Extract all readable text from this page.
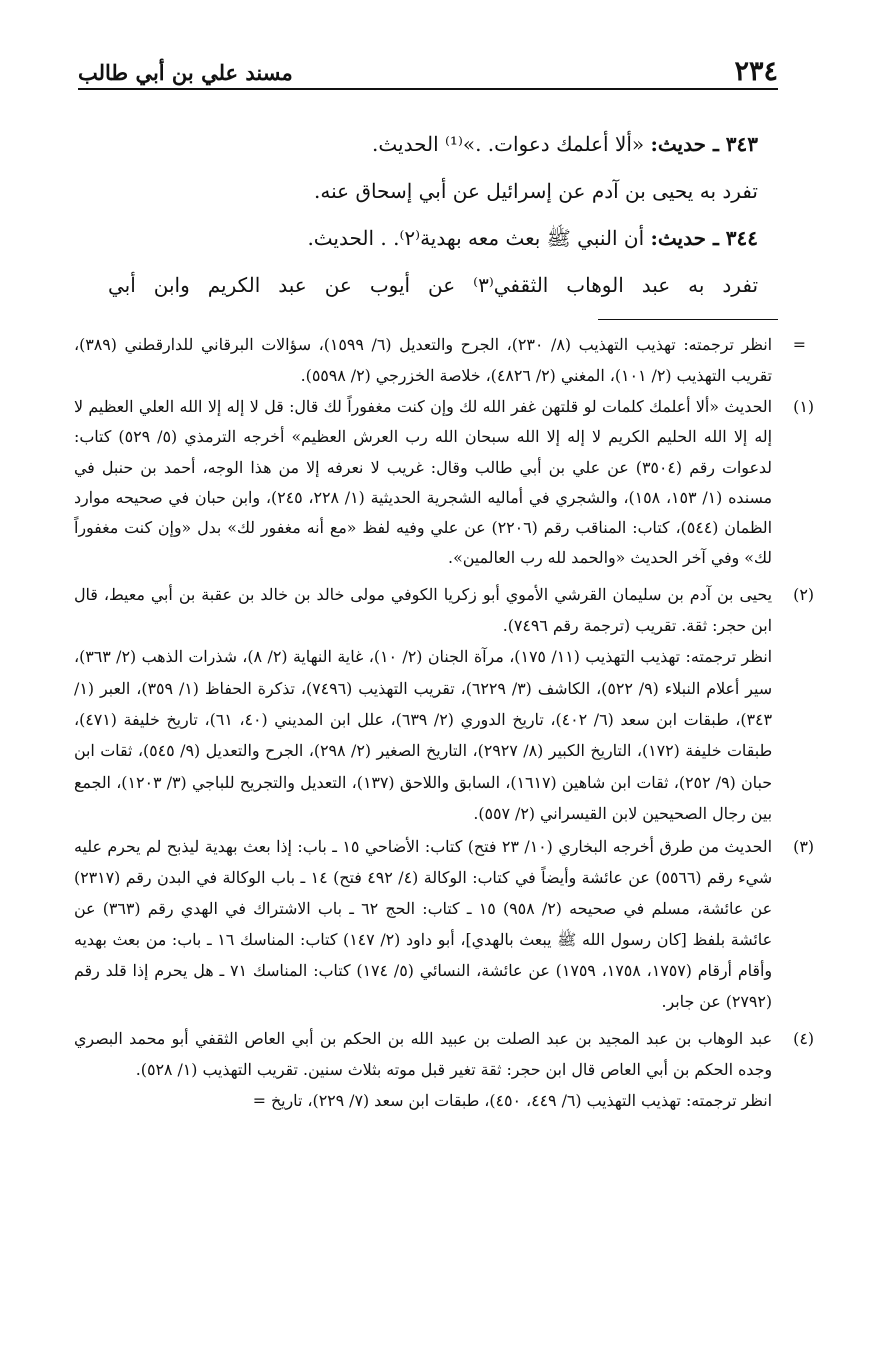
٢٣٤
مسند علي بن أبي طالب
٣٤٣ ـ حديث: «ألا أعلمك دعوات. .»⁽¹⁾ الحديث.
تفرد به يحيى بن آدم عن إسرائيل عن أبي إسحاق عنه.
٣٤٤ ـ حديث: أن النبي ﷺ بعث معه بهدية⁽٢⁾. . الحديث.
تفرد به عبد الوهاب الثقفي⁽٣⁾ عن أيوب عن عبد الكريم وابن أبي
=

انظر ترجمته: تهذيب التهذيب (٨/ ٢٣٠)، الجرح والتعديل (٦/ ١٥٩٩)، سؤالات البرقاني للدارقطني (٣٨٩)، تقريب التهذيب (٢/ ١٠١)، المغني (٢/ ٤٨٢٦)، خلاصة الخزرجي (٢/ ٥٥٩٨).

(١)

الحديث «ألا أعلمك كلمات لو قلتهن غفر الله لك وإن كنت مغفوراً لك قال: قل لا إله إلا الله العلي العظيم لا إله إلا الله الحليم الكريم لا إله إلا الله سبحان الله رب العرش العظيم» أخرجه الترمذي (٥/ ٥٢٩) كتاب: لدعوات رقم (٣٥٠٤) عن علي بن أبي طالب وقال: غريب لا نعرفه إلا من هذا الوجه، أحمد بن حنبل في مسنده (١/ ١٥٣، ١٥٨)، والشجري في أماليه الشجرية الحديثية (١/ ٢٢٨، ٢٤٥)، وابن حبان في صحيحه موارد الظمان (٥٤٤)، كتاب: المناقب رقم (٢٢٠٦) عن علي وفيه لفظ «مع أنه مغفور لك» بدل «وإن كنت مغفوراً لك» وفي آخر الحديث «والحمد لله رب العالمين».

(٢)

يحيى بن آدم بن سليمان القرشي الأموي أبو زكريا الكوفي مولى خالد بن خالد بن عقبة بن أبي معيط، قال ابن حجر: ثقة. تقريب (ترجمة رقم ٧٤٩٦).

انظر ترجمته: تهذيب التهذيب (١١/ ١٧٥)، مرآة الجنان (٢/ ١٠)، غاية النهاية (٢/ ٨)، شذرات الذهب (٢/ ٣٦٣)، سير أعلام النبلاء (٩/ ٥٢٢)، الكاشف (٣/ ٦٢٢٩)، تقريب التهذيب (٧٤٩٦)، تذكرة الحفاظ (١/ ٣٥٩)، العبر (١/ ٣٤٣)، طبقات ابن سعد (٦/ ٤٠٢)، تاريخ الدوري (٢/ ٦٣٩)، علل ابن المديني (٤٠، ٦١)، تاريخ خليفة (٤٧١)، طبقات خليفة (١٧٢)، التاريخ الكبير (٨/ ٢٩٢٧)، التاريخ الصغير (٢/ ٢٩٨)، الجرح والتعديل (٩/ ٥٤٥)، ثقات ابن حبان (٩/ ٢٥٢)، ثقات ابن شاهين (١٦١٧)، السابق واللاحق (١٣٧)، التعديل والتجريح للباجي (٣/ ١٢٠٣)، الجمع بين رجال الصحيحين لابن القيسراني (٢/ ٥٥٧).

(٣)

الحديث من طرق أخرجه البخاري (١٠/ ٢٣ فتح) كتاب: الأضاحي ١٥ ـ باب: إذا بعث بهدية ليذبح لم يحرم عليه شيء رقم (٥٥٦٦) عن عائشة وأيضاً في كتاب: الوكالة (٤/ ٤٩٢ فتح) ١٤ ـ باب الوكالة في البدن رقم (٢٣١٧) عن عائشة، مسلم في صحيحه (٢/ ٩٥٨) ١٥ ـ كتاب: الحج ٦٢ ـ باب الاشتراك في الهدي رقم (٣٦٣) عن عائشة بلفظ [كان رسول الله ﷺ يبعث بالهدي]، أبو داود (٢/ ١٤٧) كتاب: المناسك ١٦ ـ باب: من بعث بهديه وأقام أرقام (١٧٥٧، ١٧٥٨، ١٧٥٩) عن عائشة، النسائي (٥/ ١٧٤) كتاب: المناسك ٧١ ـ هل يحرم إذا قلد رقم (٢٧٩٢) عن جابر.

(٤)

عبد الوهاب بن عبد المجيد بن عبد الصلت بن عبيد الله بن الحكم بن أبي العاص الثقفي أبو محمد البصري وجده الحكم بن أبي العاص قال ابن حجر: ثقة تغير قبل موته بثلاث سنين. تقريب التهذيب (١/ ٥٢٨).

انظر ترجمته: تهذيب التهذيب (٦/ ٤٤٩، ٤٥٠)، طبقات ابن سعد (٧/ ٢٢٩)، تاريخ =
